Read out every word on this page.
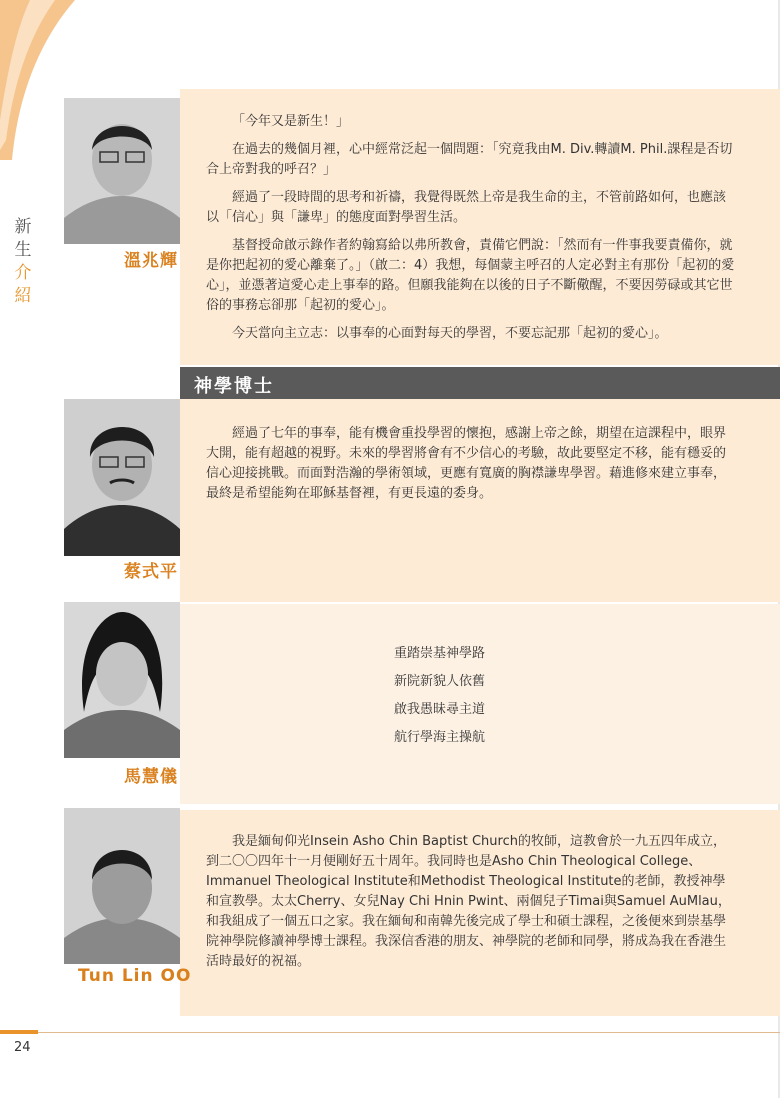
新
生
介
紹
溫兆輝

「今年又是新生！」

在過去的幾個月裡，心中經常泛起一個問題：「究竟我由M. Div.轉讀M. Phil.課程是否切合上帝對我的呼召？」

經過了一段時間的思考和祈禱，我覺得既然上帝是我生命的主，不管前路如何，也應該以「信心」與「謙卑」的態度面對學習生活。

基督授命啟示錄作者約翰寫給以弗所教會，責備它們說：「然而有一件事我要責備你，就是你把起初的愛心離棄了。」（啟二：4）我想，每個蒙主呼召的人定必對主有那份「起初的愛心」，並憑著這愛心走上事奉的路。但願我能夠在以後的日子不斷儆醒，不要因勞碌或其它世俗的事務忘卻那「起初的愛心」。

今天當向主立志：以事奉的心面對每天的學習，不要忘記那「起初的愛心」。

神學博士
蔡式平

經過了七年的事奉，能有機會重投學習的懷抱，感謝上帝之餘，期望在這課程中，眼界大開，能有超越的視野。未來的學習將會有不少信心的考驗，故此要堅定不移，能有穩妥的信心迎接挑戰。而面對浩瀚的學術領域，更應有寬廣的胸襟謙卑學習。藉進修來建立事奉，最終是希望能夠在耶穌基督裡，有更長遠的委身。

馬慧儀
重踏崇基神學路
新院新貌人依舊
啟我愚昧尋主道
航行學海主操航
Tun Lin OO

我是緬甸仰光Insein Asho Chin Baptist Church的牧師，這教會於一九五四年成立，到二〇〇四年十一月便剛好五十周年。我同時也是Asho Chin Theological College、Immanuel Theological Institute和Methodist Theological Institute的老師，教授神學和宣教學。太太Cherry、女兒Nay Chi Hnin Pwint、兩個兒子Timai與Samuel AuMlau，和我組成了一個五口之家。我在緬甸和南韓先後完成了學士和碩士課程，之後便來到崇基學院神學院修讀神學博士課程。我深信香港的朋友、神學院的老師和同學，將成為我在香港生活時最好的祝福。

24
